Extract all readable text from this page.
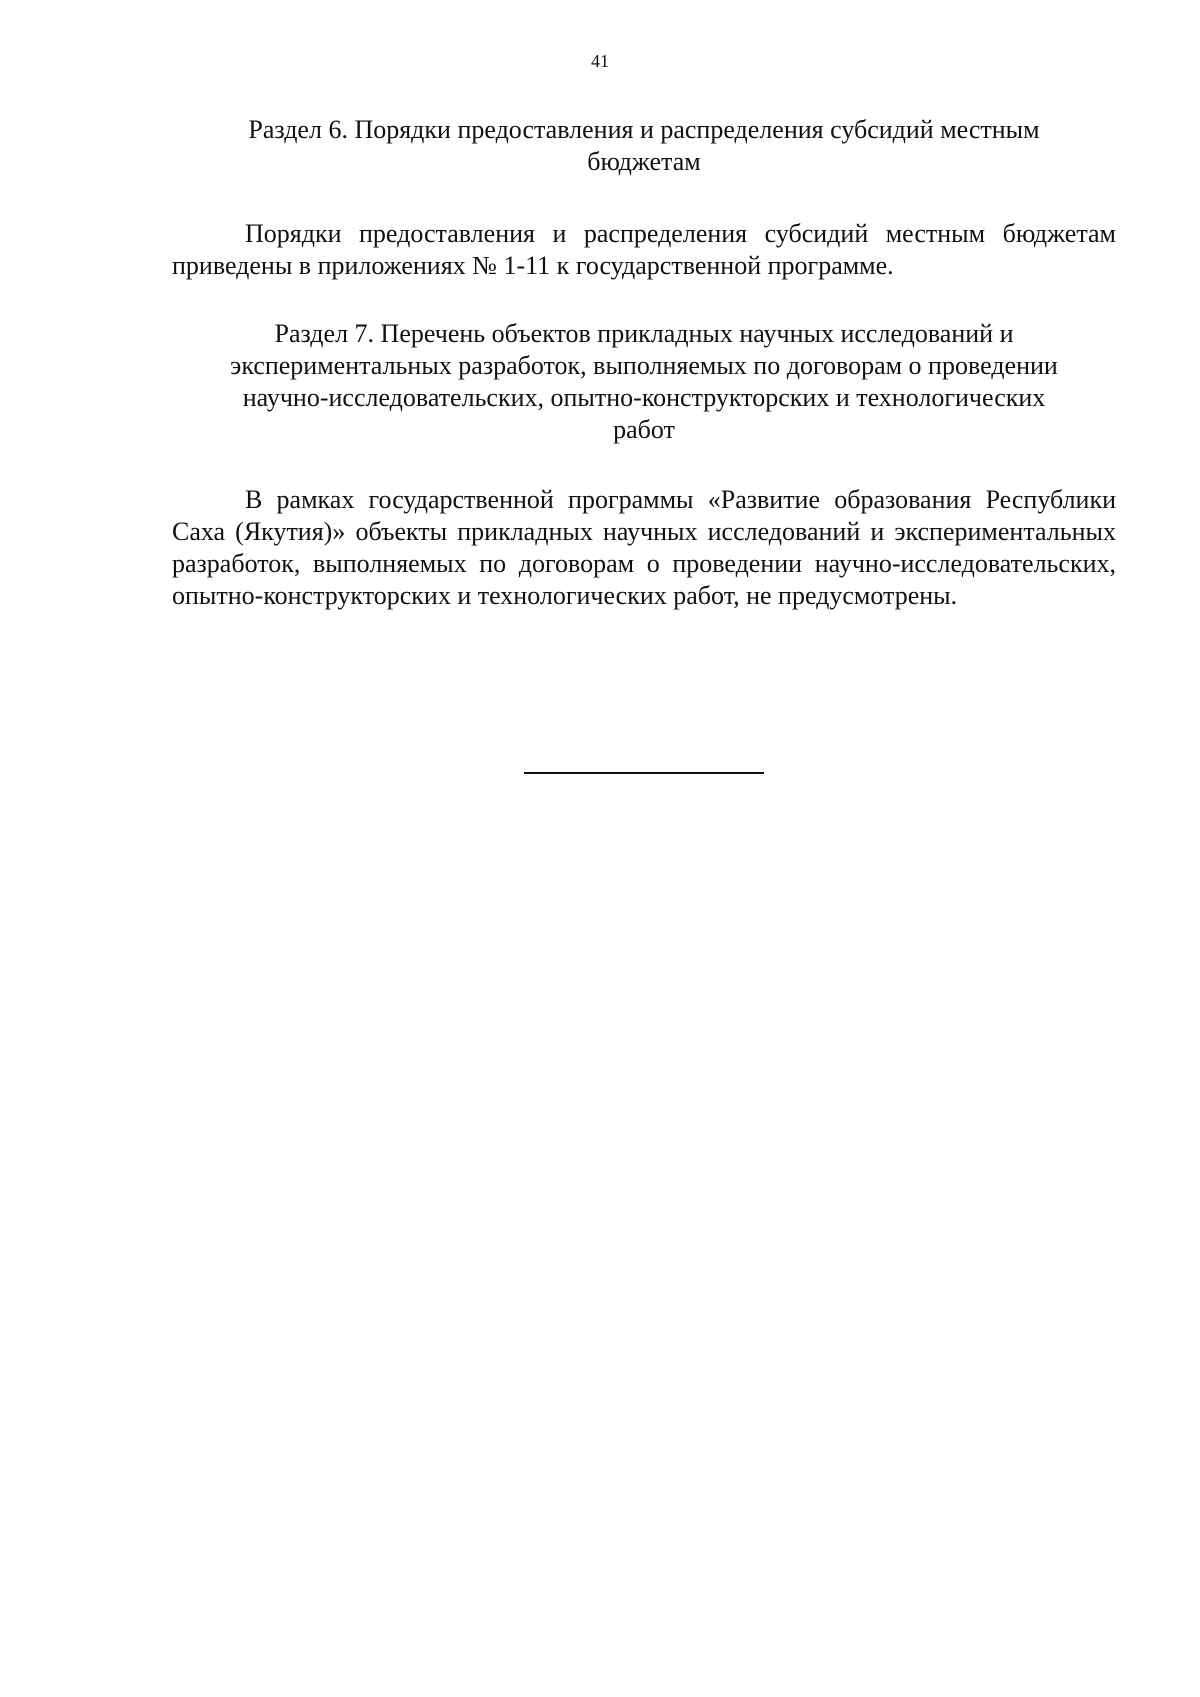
41
Раздел 6. Порядки предоставления и распределения субсидий местным
бюджетам

Порядки предоставления и распределения субсидий местным бюджетам приведены в приложениях № 1-11 к государственной программе.

Раздел 7. Перечень объектов прикладных научных исследований и
экспериментальных разработок, выполняемых по договорам о проведении
научно-исследовательских, опытно-конструкторских и технологических
работ

В рамках государственной программы «Развитие образования Республики Саха (Якутия)» объекты прикладных научных исследований и экспериментальных разработок, выполняемых по договорам о проведении научно-исследовательских, опытно-конструкторских и технологических работ, не предусмотрены.
